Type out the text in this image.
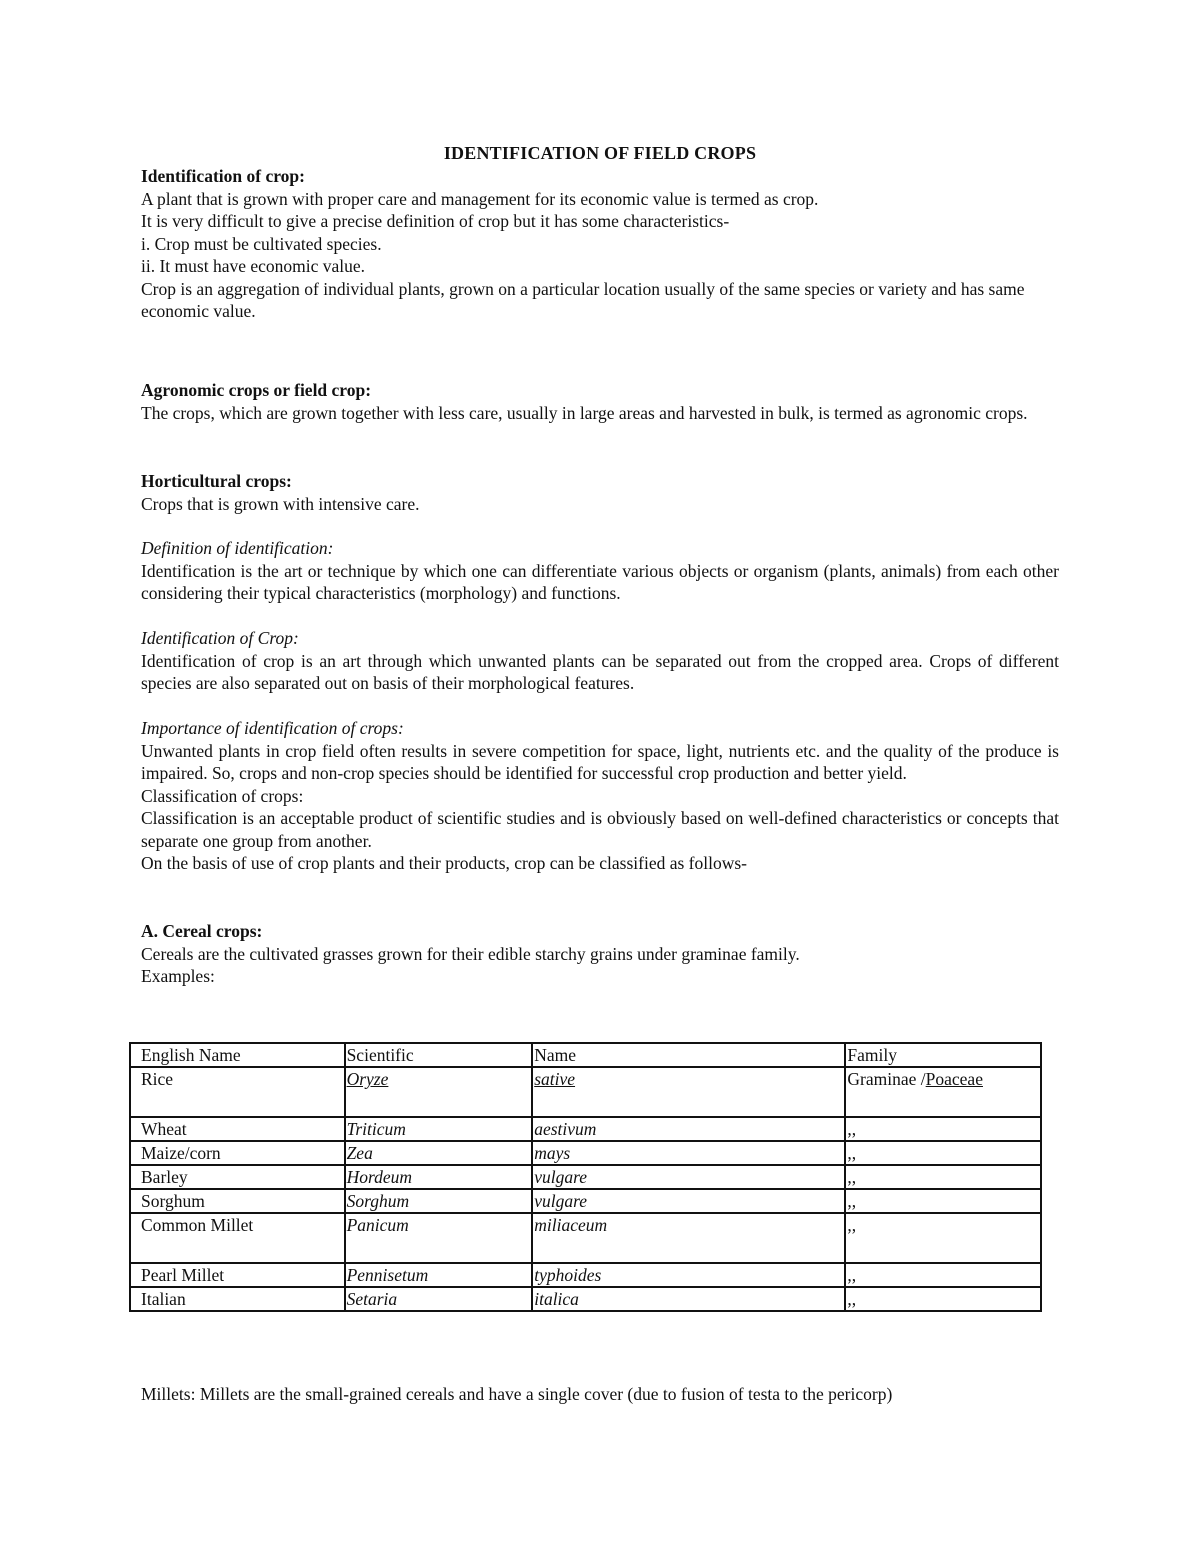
IDENTIFICATION OF FIELD CROPS
Identification of crop:
A plant that is grown with proper care and management for its economic value is termed as crop.
It is very difficult to give a precise definition of crop but it has some characteristics-
i. Crop must be cultivated species.
ii. It must have economic value.
Crop is an aggregation of individual plants, grown on a particular location usually of the same species or variety and has same economic value.
Agronomic crops or field crop:
The crops, which are grown together with less care, usually in large areas and harvested in bulk, is termed as agronomic crops.
Horticultural crops:
Crops that is grown with intensive care.
Definition of identification:
Identification is the art or technique by which one can differentiate various objects or organism (plants, animals) from each other considering their typical characteristics (morphology) and functions.
Identification of Crop:
Identification of crop is an art through which unwanted plants can be separated out from the cropped area. Crops of different species are also separated out on basis of their morphological features.
Importance of identification of crops:
Unwanted plants in crop field often results in severe competition for space, light, nutrients etc. and the quality of the produce is impaired. So, crops and non-crop species should be identified for successful crop production and better yield.
Classification of crops:
Classification is an acceptable product of scientific studies and is obviously based on well-defined characteristics or concepts that separate one group from another.
On the basis of use of crop plants and their products, crop can be classified as follows-
A. Cereal crops:
Cereals are the cultivated grasses grown for their edible starchy grains under graminae family.
Examples:
English Name	Scientific	Name	Family
Rice	Oryze	sative	Graminae /Poaceae
Wheat	Triticum	aestivum	,,
Maize/corn	Zea	mays	,,
Barley	Hordeum	vulgare	,,
Sorghum	Sorghum	vulgare	,,
Common Millet	Panicum	miliaceum	,,
Pearl Millet	Pennisetum	typhoides	,,
Italian	Setaria	italica	,,
Millets: Millets are the small-grained cereals and have a single cover (due to fusion of testa to the pericorp)
